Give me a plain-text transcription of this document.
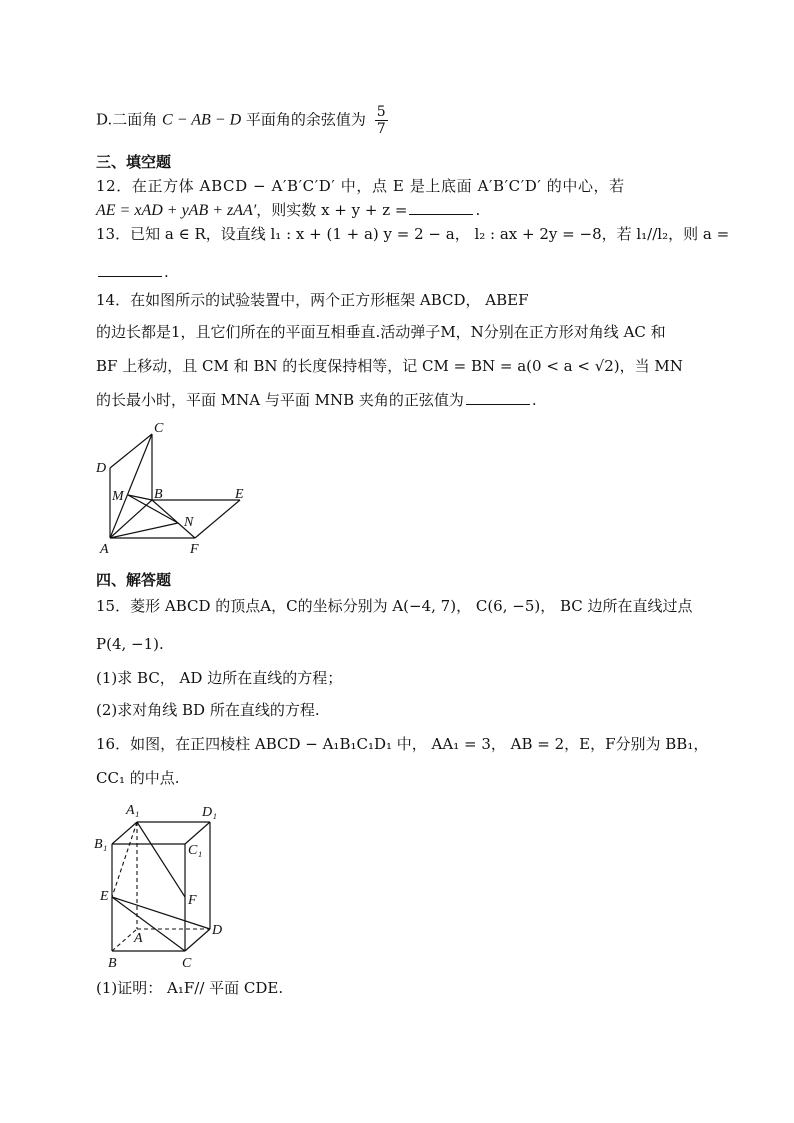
D.二面角 C − AB − D 平面角的余弦值为 $\frac{5}{7}$
三、填空题
12．在正方体 ABCD − A′B′C′D′ 中，点 E 是上底面 A′B′C′D′ 的中心，若
AE = xAD + yAB + zAA′，则实数 x + y + z =	.
13．已知 a ∈ R，设直线 l₁ : x + (1 + a) y = 2 − a， l₂ : ax + 2y = −8，若 l₁//l₂，则 a =
.
14．在如图所示的试验装置中，两个正方形框架 ABCD， ABEF
的边长都是1，且它们所在的平面互相垂直.活动弹子M，N分别在正方形对角线 AC 和
BF 上移动，且 CM 和 BN 的长度保持相等，记 CM = BN = a(0 < a < √2)，当 MN
的长最小时，平面 MNA 与平面 MNB 夹角的正弦值为	.
C
D
M B	E
N
A	F
四、解答题
15．菱形 ABCD 的顶点A，C的坐标分别为 A(−4, 7)， C(6, −5)， BC 边所在直线过点
P(4, −1).
(1)求 BC， AD 边所在直线的方程；
(2)求对角线 BD 所在直线的方程.
16．如图，在正四棱柱 ABCD − A₁B₁C₁D₁ 中， AA₁ = 3， AB = 2，E，F分别为 BB₁，
CC₁ 的中点.
A₁	D₁
B₁	C₁
E	F
A
D
B	C
(1)证明： A₁F// 平面 CDE.
